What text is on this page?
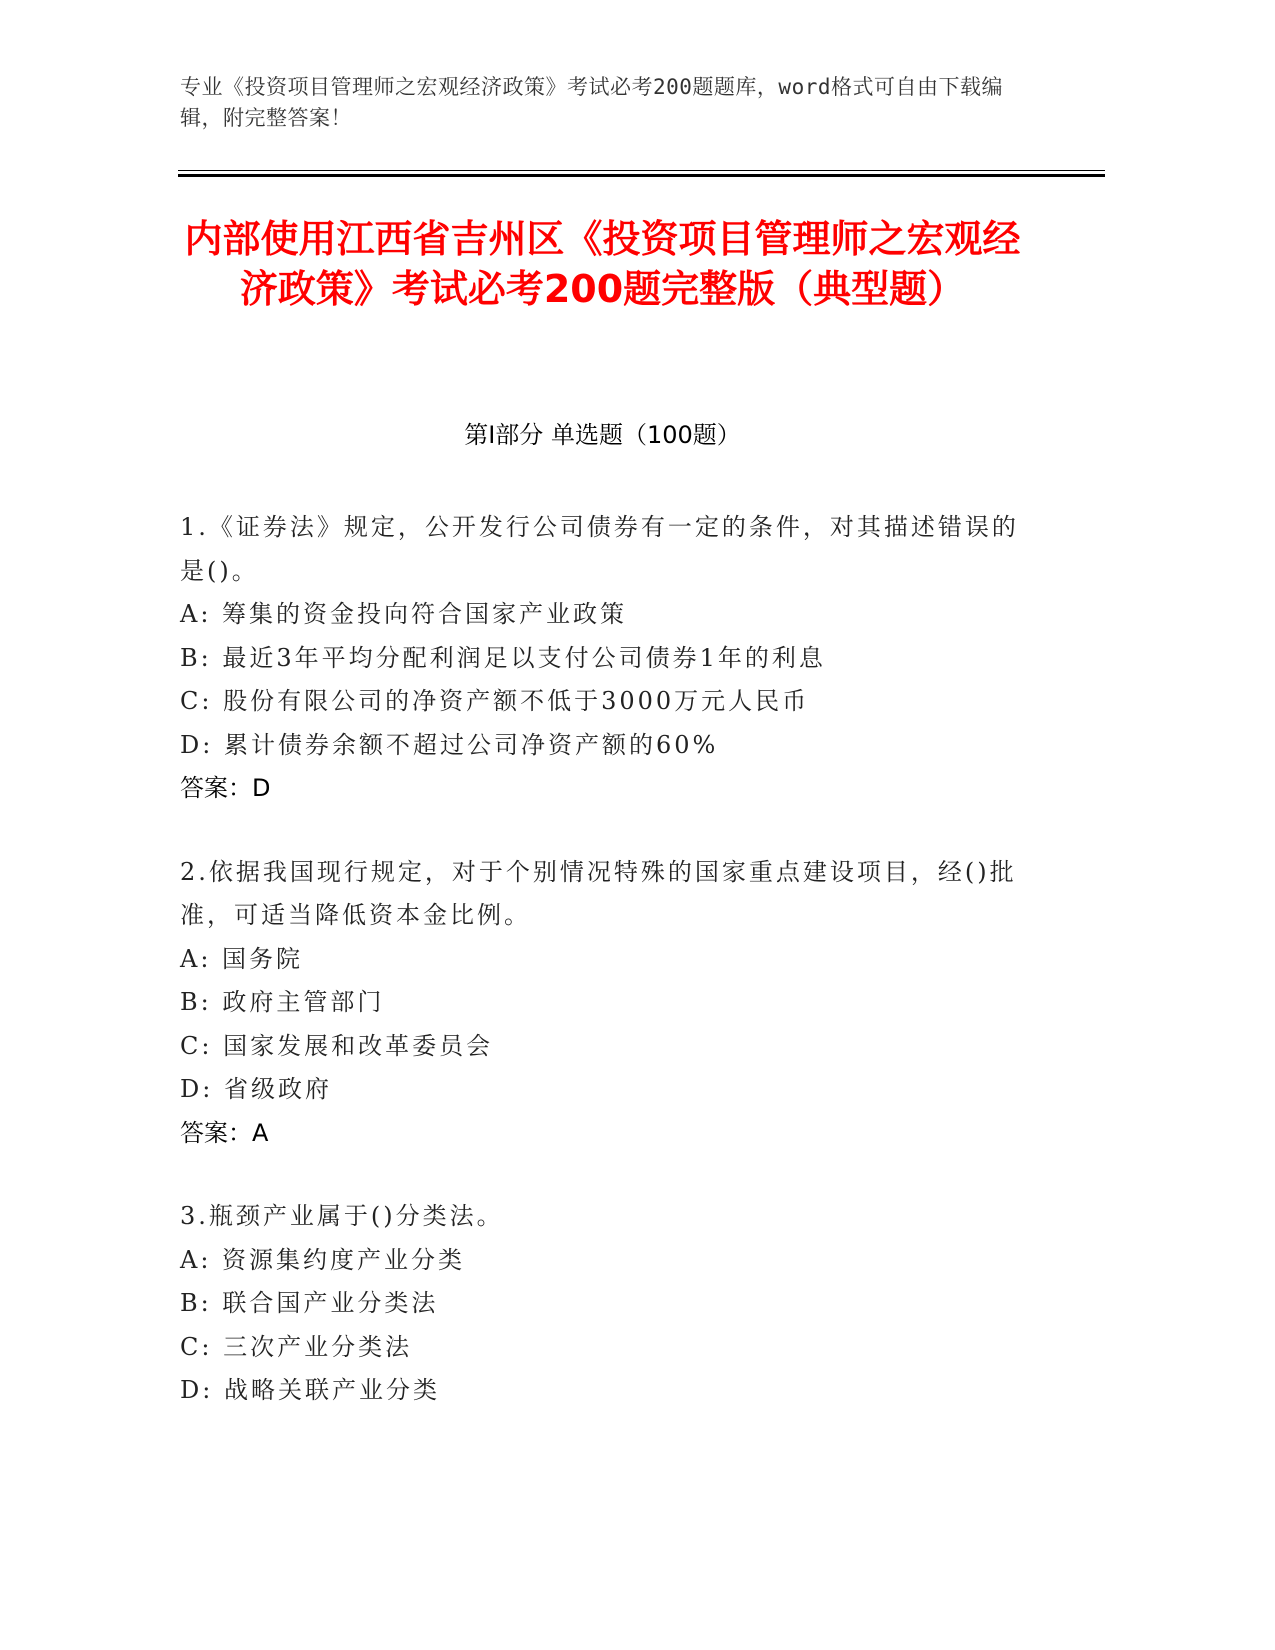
专业《投资项目管理师之宏观经济政策》考试必考200题题库，word格式可自由下载编辑，附完整答案！
内部使用江西省吉州区《投资项目管理师之宏观经济政策》考试必考200题完整版（典型题）
第I部分 单选题（100题）
1.《证券法》规定，公开发行公司债券有一定的条件，对其描述错误的是()。
A: 筹集的资金投向符合国家产业政策
B: 最近3年平均分配利润足以支付公司债券1年的利息
C: 股份有限公司的净资产额不低于3000万元人民币
D: 累计债券余额不超过公司净资产额的60%
答案：D
2.依据我国现行规定，对于个别情况特殊的国家重点建设项目，经()批准，可适当降低资本金比例。
A: 国务院
B: 政府主管部门
C: 国家发展和改革委员会
D: 省级政府
答案：A
3.瓶颈产业属于()分类法。
A: 资源集约度产业分类
B: 联合国产业分类法
C: 三次产业分类法
D: 战略关联产业分类
